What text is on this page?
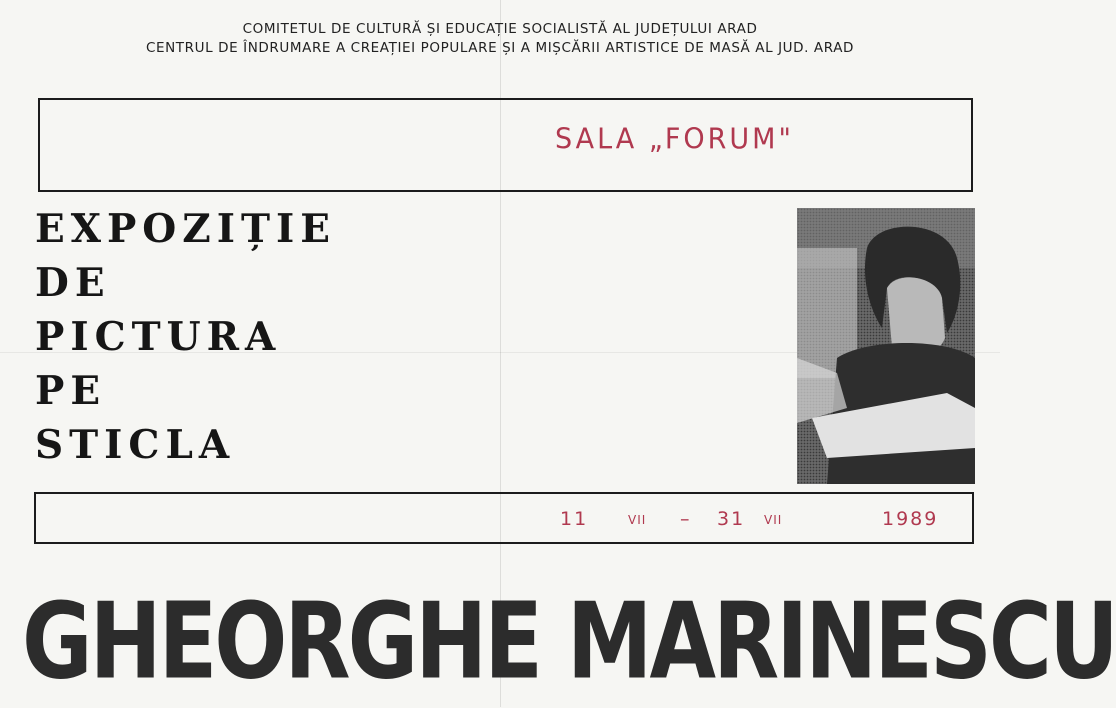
COMITETUL DE CULTURĂ ȘI EDUCAȚIE SOCIALISTĂ AL JUDEȚULUI ARAD
CENTRUL DE ÎNDRUMARE A CREAȚIEI POPULARE ȘI A MIȘCĂRII ARTISTICE DE MASĂ AL JUD. ARAD
SALA „FORUM"
EXPOZIȚIE
DE
PICTURA
PE
STICLA
11	VII – 31 VII	1989
GHEORGHE MARINESCU
